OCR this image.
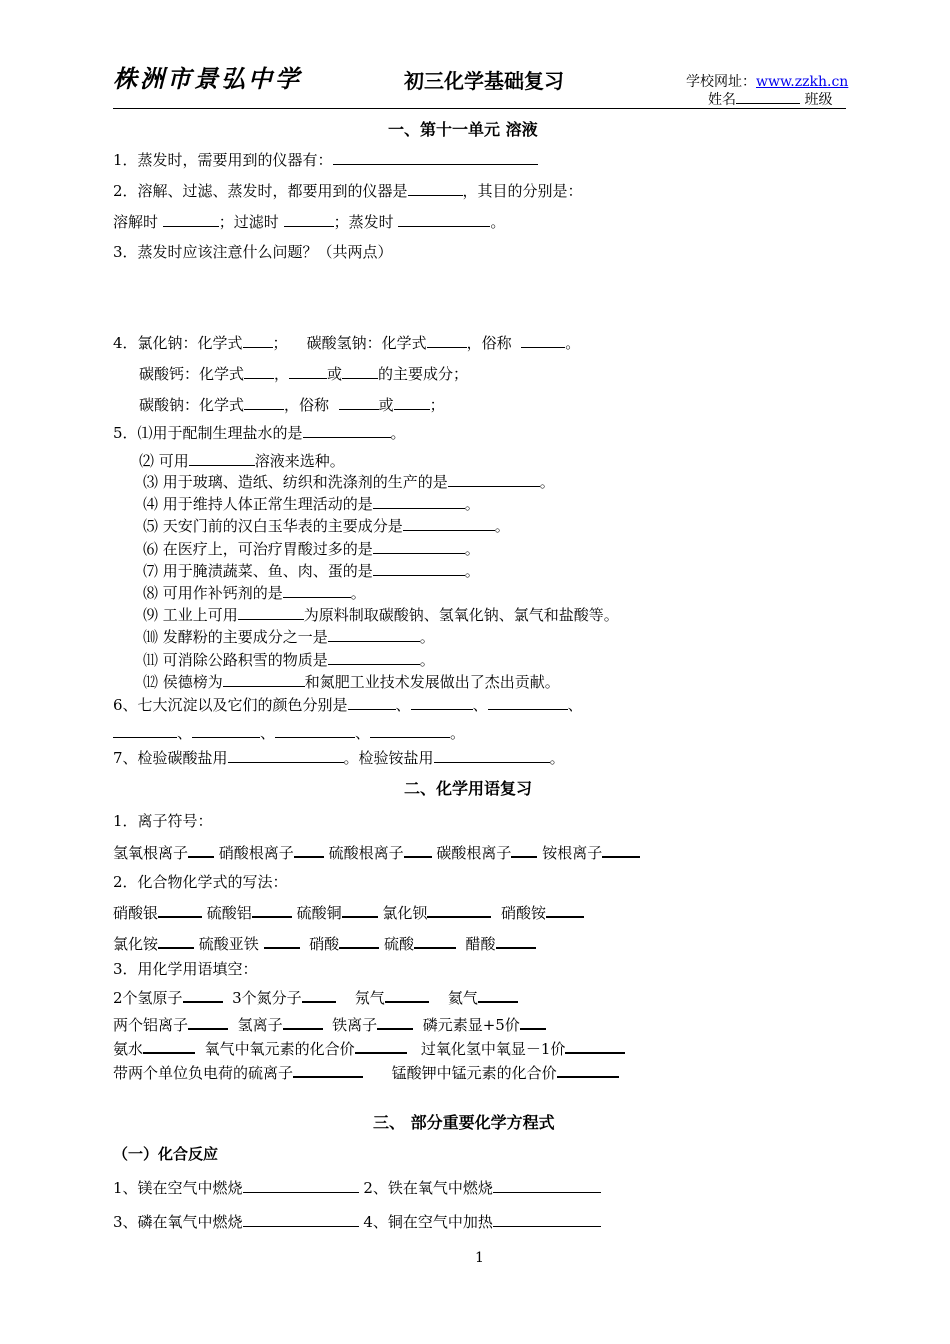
株洲市景弘中学	初三化学基础复习	学校网址：www.zzkh.cn
姓名	班级
一、第十一单元 溶液
1．蒸发时，需要用到的仪器有：
2．溶解、过滤、蒸发时，都要用到的仪器是	，其目的分别是：
溶解时	；过滤时	；蒸发时	。
3．蒸发时应该注意什么问题？（共两点）
4．氯化钠：化学式 ； 碳酸氢钠：化学式	，俗称	。
碳酸钙：化学式 ，	或 的主要成分；
碳酸钠：化学式	，俗称	或 ；
5．⑴用于配制生理盐水的是	。
⑵ 可用	溶液来选种。
⑶ 用于玻璃、造纸、纺织和洗涤剂的生产的是	。
⑷ 用于维持人体正常生理活动的是	。
⑸ 天安门前的汉白玉华表的主要成分是	。
⑹ 在医疗上，可治疗胃酸过多的是	。
⑺ 用于腌渍蔬菜、鱼、肉、蛋的是	。
⑻ 可用作补钙剂的是	。
⑼ 工业上可用	为原料制取碳酸钠、氢氧化钠、氯气和盐酸等。
⑽ 发酵粉的主要成分之一是	。
⑾ 可消除公路积雪的物质是	。
⑿ 侯德榜为	和氮肥工业技术发展做出了杰出贡献。
6、七大沉淀以及它们的颜色分别是	、	、	、
、	、	、	。
7、检验碳酸盐用	。检验铵盐用	。
二、化学用语复习
1．离子符号：
氢氧根离子 硝酸根离子 硫酸根离子 碳酸根离子 铵根离子
2．化合物化学式的写法：
硝酸银	硫酸铝	硫酸铜	氯化钡	硝酸铵
氯化铵	硫酸亚铁	硝酸	硫酸	醋酸
3．用化学用语填空：
2个氢原子	3个氮分子	氖气	氦气
两个铝离子	氢离子	铁离子	磷元素显+5价
氨水	氧气中氧元素的化合价	过氧化氢中氧显－1价
带两个单位负电荷的硫离子	锰酸钾中锰元素的化合价
三、 部分重要化学方程式
（一）化合反应
1、镁在空气中燃烧	2、铁在氧气中燃烧
3、磷在氧气中燃烧	4、铜在空气中加热
1
